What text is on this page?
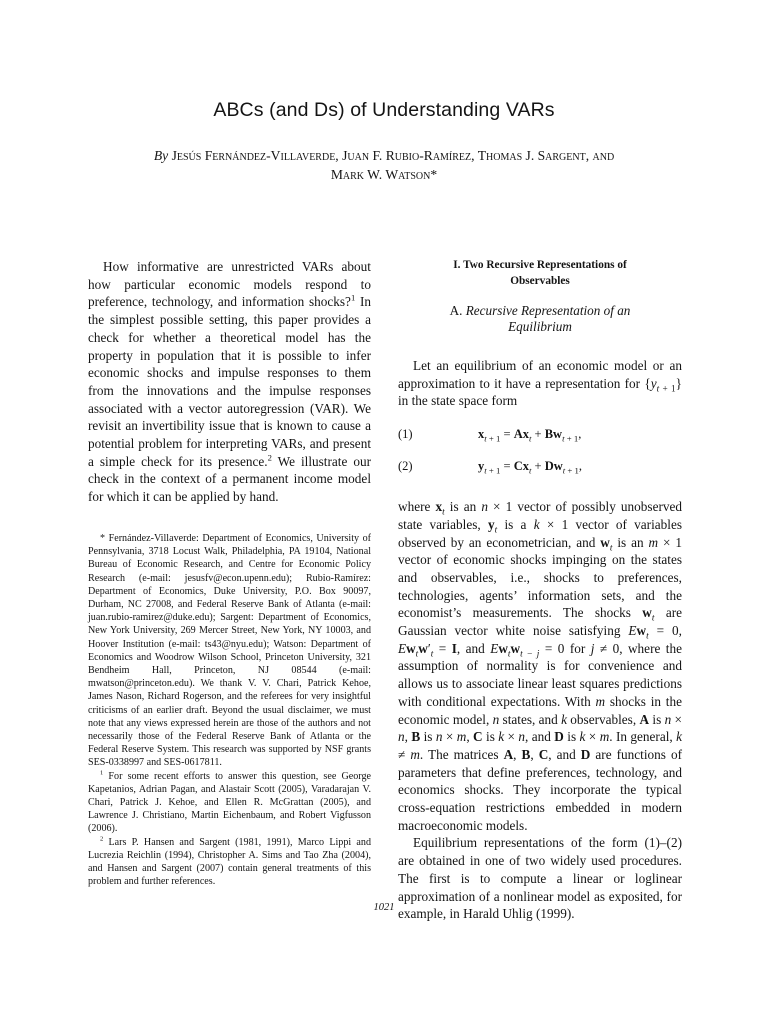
ABCs (and Ds) of Understanding VARs
By Jesús Fernández-Villaverde, Juan F. Rubio-Ramírez, Thomas J. Sargent, and
Mark W. Watson*

How informative are unrestricted VARs about how particular economic models respond to preference, technology, and information shocks?$^1$ In the simplest possible setting, this paper provides a check for whether a theoretical model has the property in population that it is possible to infer economic shocks and impulse responses to them from the innovations and the impulse responses associated with a vector autoregression (VAR). We revisit an invertibility issue that is known to cause a potential problem for interpreting VARs, and present a simple check for its presence.$^2$ We illustrate our check in the context of a permanent income model for which it can be applied by hand.

* Fernández-Villaverde: Department of Economics, University of Pennsylvania, 3718 Locust Walk, Philadelphia, PA 19104, National Bureau of Economic Research, and Centre for Economic Policy Research (e-mail: jesusfv@econ.upenn.edu); Rubio-Ramírez: Department of Economics, Duke University, P.O. Box 90097, Durham, NC 27008, and Federal Reserve Bank of Atlanta (e-mail: juan.rubio-ramirez@duke.edu); Sargent: Department of Economics, New York University, 269 Mercer Street, New York, NY 10003, and Hoover Institution (e-mail: ts43@nyu.edu); Watson: Department of Economics and Woodrow Wilson School, Princeton University, 321 Bendheim Hall, Princeton, NJ 08544 (e-mail: mwatson@princeton.edu). We thank V. V. Chari, Patrick Kehoe, James Nason, Richard Rogerson, and the referees for very insightful criticisms of an earlier draft. Beyond the usual disclaimer, we must note that any views expressed herein are those of the authors and not necessarily those of the Federal Reserve Bank of Atlanta or the Federal Reserve System. This research was supported by NSF grants SES-0338997 and SES-0617811.

$^1$ For some recent efforts to answer this question, see George Kapetanios, Adrian Pagan, and Alastair Scott (2005), Varadarajan V. Chari, Patrick J. Kehoe, and Ellen R. McGrattan (2005), and Lawrence J. Christiano, Martin Eichenbaum, and Robert Vigfusson (2006).

$^2$ Lars P. Hansen and Sargent (1981, 1991), Marco Lippi and Lucrezia Reichlin (1994), Christopher A. Sims and Tao Zha (2004), and Hansen and Sargent (2007) contain general treatments of this problem and further references.

I. Two Recursive Representations of Observables

A. Recursive Representation of an Equilibrium

Let an equilibrium of an economic model or an approximation to it have a representation for $\{y_{t + 1}\}$ in the state space form

(1)	$x_{t + 1} = Ax_t + Bw_{t + 1}$,
(2)	$y_{t + 1} = Cx_t + Dw_{t + 1}$,

where $x_t$ is an n × 1 vector of possibly unobserved state variables, $y_t$ is a k × 1 vector of variables observed by an econometrician, and $w_t$ is an m × 1 vector of economic shocks impinging on the states and observables, i.e., shocks to preferences, technologies, agents’ information sets, and the economist’s measurements. The shocks $w_t$ are Gaussian vector white noise satisfying $Ew_t = 0$, $Ew_tw'_t = I$, and $Ew_tw_{t - j} = 0$ for j ≠ 0, where the assumption of normality is for convenience and allows us to associate linear least squares predictions with conditional expectations. With m shocks in the economic model, n states, and k observables, A is n × n, B is n × m, C is k × n, and D is k × m. In general, k ≠ m. The matrices A, B, C, and D are functions of parameters that define preferences, technology, and economics shocks. They incorporate the typical cross-equation restrictions embedded in modern macroeconomic models.

Equilibrium representations of the form (1)–(2) are obtained in one of two widely used procedures. The first is to compute a linear or loglinear approximation of a nonlinear model as exposited, for example, in Harald Uhlig (1999).

1021
